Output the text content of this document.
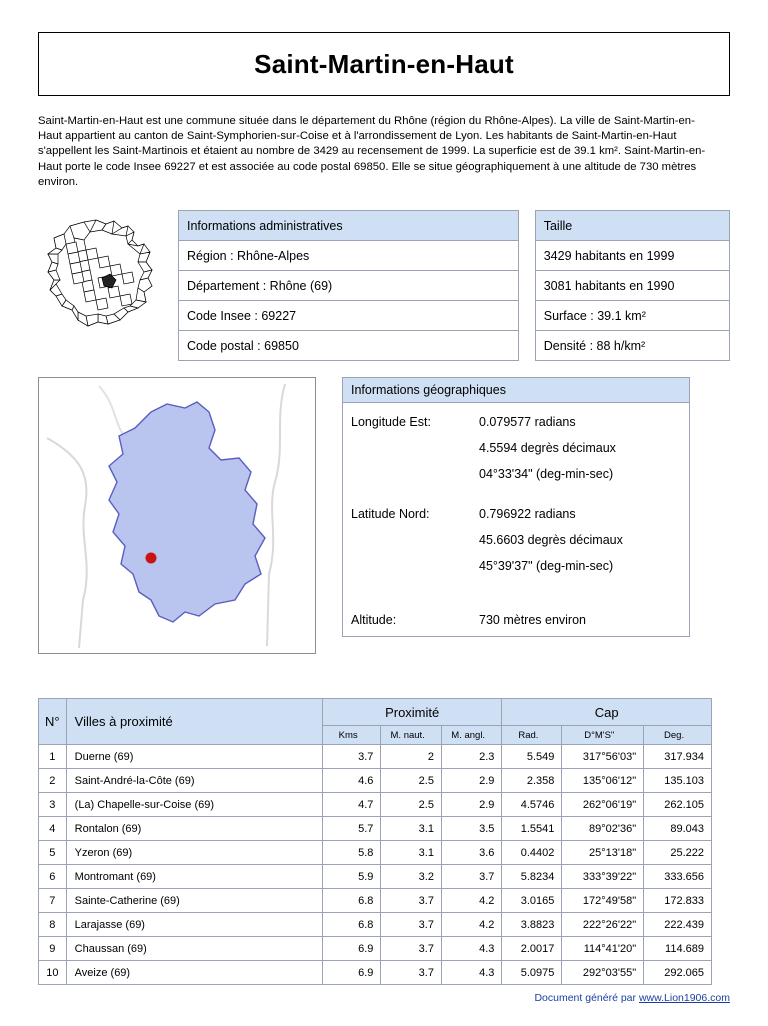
Saint-Martin-en-Haut
Saint-Martin-en-Haut est une commune située dans le département du Rhône (région du Rhône-Alpes). La ville de Saint-Martin-en-Haut appartient au canton de Saint-Symphorien-sur-Coise et à l'arrondissement de Lyon. Les habitants de Saint-Martin-en-Haut s'appellent les Saint-Martinois et étaient au nombre de 3429 au recensement de 1999. La superficie est de 39.1 km². Saint-Martin-en-Haut porte le code Insee 69227 et est associée au code postal 69850. Elle se situe géographiquement à une altitude de 730 mètres environ.
Informations administratives
Région : Rhône-Alpes
Département : Rhône (69)
Code Insee : 69227
Code postal : 69850
Taille
3429 habitants en 1999
3081 habitants en 1990
Surface : 39.1 km²
Densité : 88 h/km²
Informations géographiques
Longitude Est:	0.079577 radians
4.5594 degrès décimaux
04°33'34" (deg-min-sec)
Latitude Nord:	0.796922 radians
45.6603 degrès décimaux
45°39'37" (deg-min-sec)
Altitude:	730 mètres environ
N°	Villes à proximité	Proximité			Cap		
		Kms	M. naut.	M. angl.	Rad.	D°M'S"	Deg.
1	Duerne (69)	3.7	2	2.3	5.549	317°56'03"	317.934
2	Saint-André-la-Côte (69)	4.6	2.5	2.9	2.358	135°06'12"	135.103
3	(La) Chapelle-sur-Coise (69)	4.7	2.5	2.9	4.5746	262°06'19"	262.105
4	Rontalon (69)	5.7	3.1	3.5	1.5541	89°02'36"	89.043
5	Yzeron (69)	5.8	3.1	3.6	0.4402	25°13'18"	25.222
6	Montromant (69)	5.9	3.2	3.7	5.8234	333°39'22"	333.656
7	Sainte-Catherine (69)	6.8	3.7	4.2	3.0165	172°49'58"	172.833
8	Larajasse (69)	6.8	3.7	4.2	3.8823	222°26'22"	222.439
9	Chaussan (69)	6.9	3.7	4.3	2.0017	114°41'20"	114.689
10	Aveize (69)	6.9	3.7	4.3	5.0975	292°03'55"	292.065
Document généré par www.Lion1906.com
